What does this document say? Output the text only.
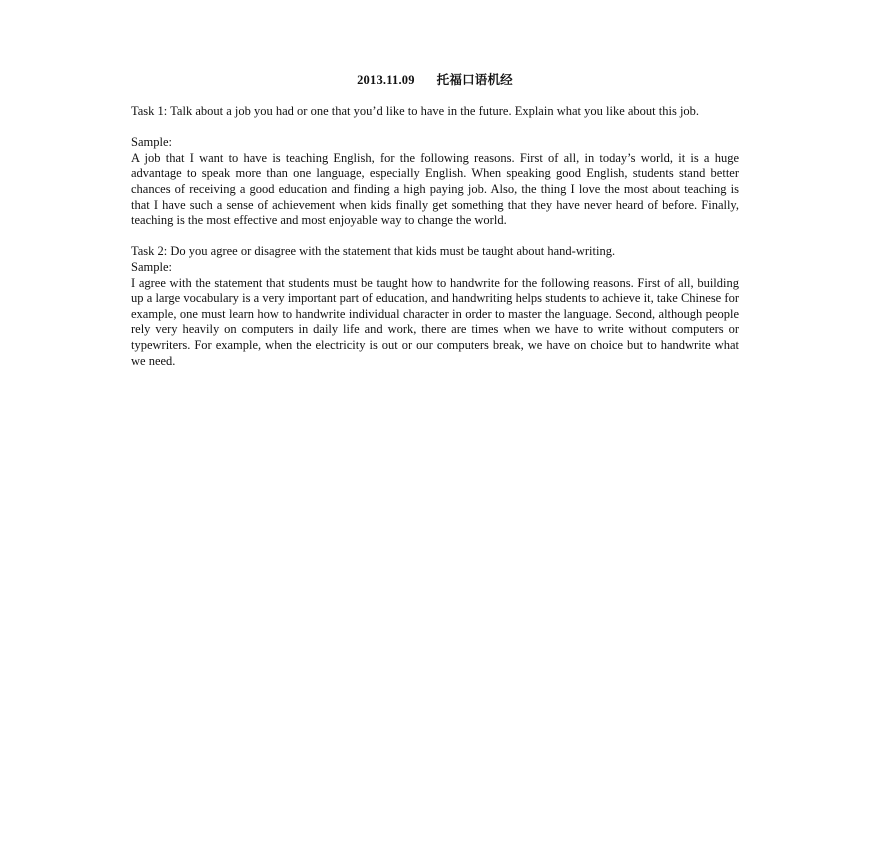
2013.11.09 托福口语机经

Task 1: Talk about a job you had or one that you’d like to have in the future. Explain what you like about this job.

Sample:

A job that I want to have is teaching English, for the following reasons. First of all, in today’s world, it is a huge advantage to speak more than one language, especially English. When speaking good English, students stand better chances of receiving a good education and finding a high paying job. Also, the thing I love the most about teaching is that I have such a sense of achievement when kids finally get something that they have never heard of before. Finally, teaching is the most effective and most enjoyable way to change the world.

Task 2: Do you agree or disagree with the statement that kids must be taught about hand-writing.

Sample:

I agree with the statement that students must be taught how to handwrite for the following reasons. First of all, building up a large vocabulary is a very important part of education, and handwriting helps students to achieve it, take Chinese for example, one must learn how to handwrite individual character in order to master the language. Second, although people rely very heavily on computers in daily life and work, there are times when we have to write without computers or typewriters. For example, when the electricity is out or our computers break, we have on choice but to handwrite what we need.
